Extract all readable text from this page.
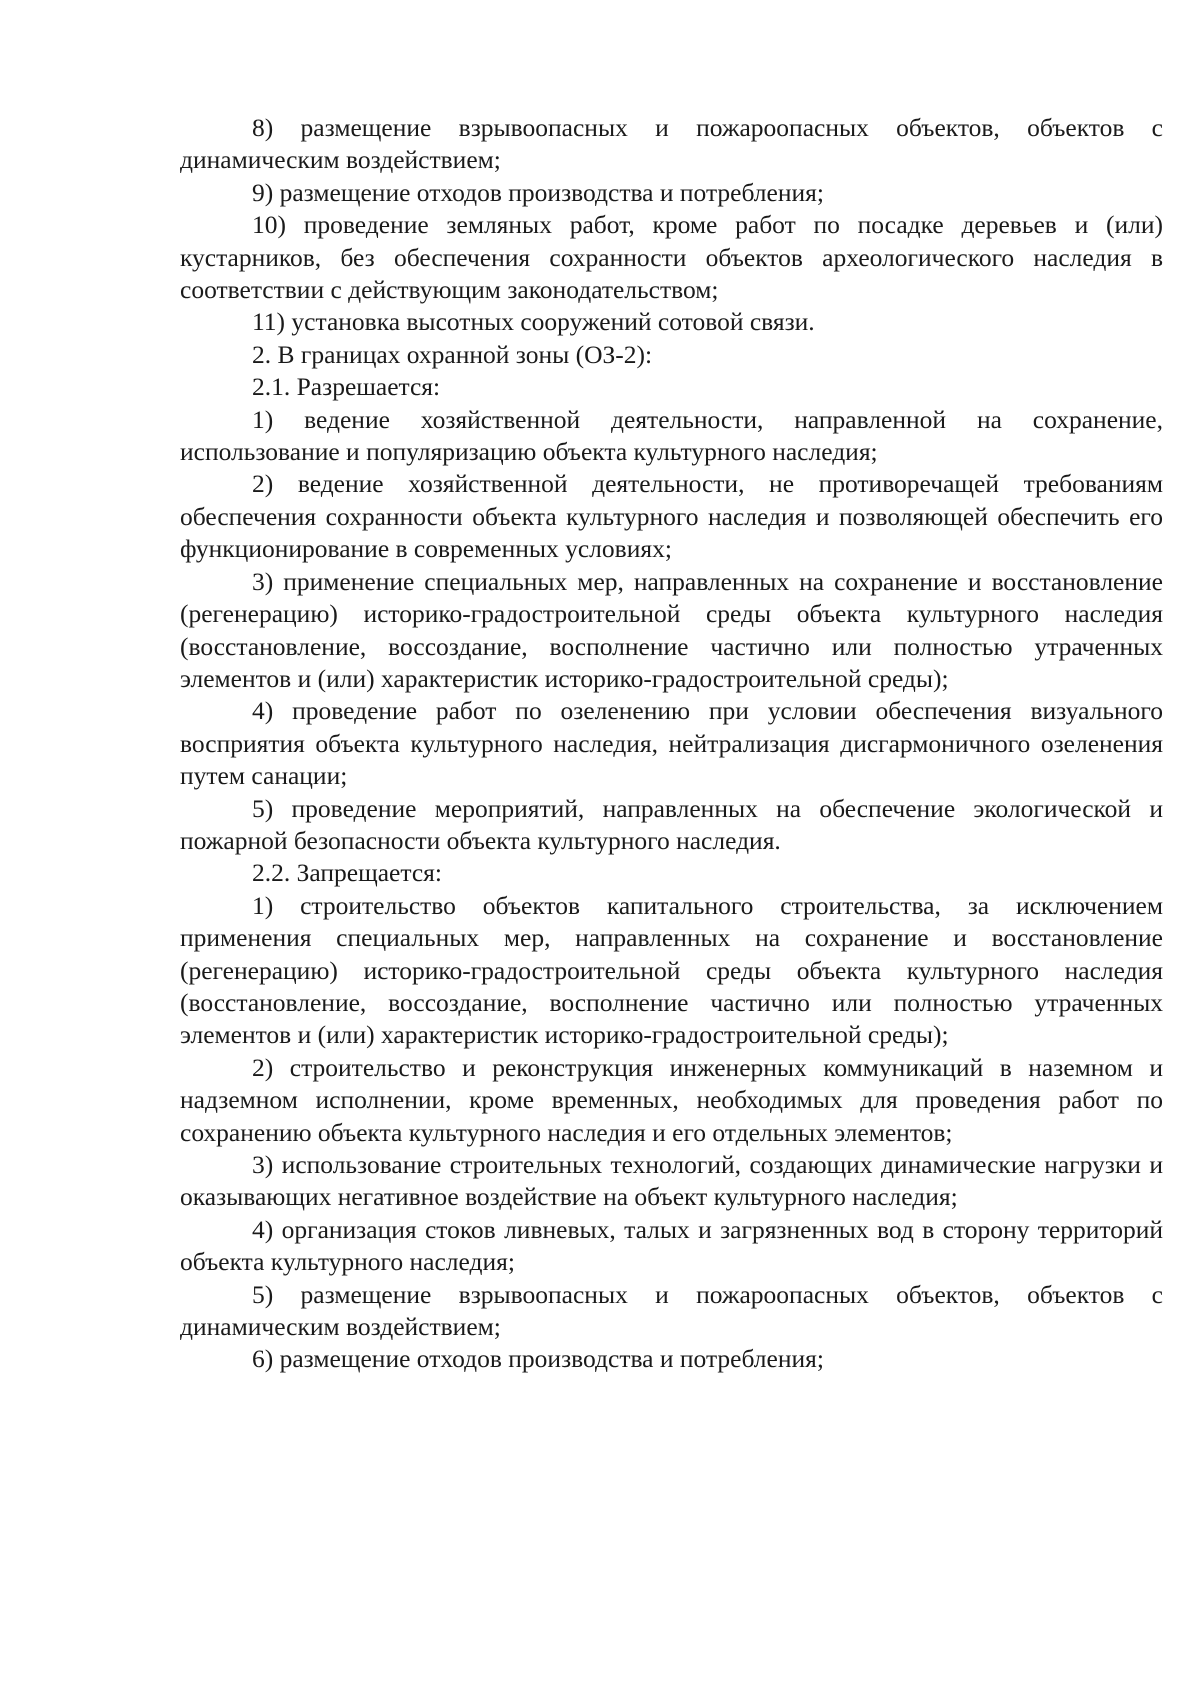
8) размещение взрывоопасных и пожароопасных объектов, объектов с динамическим воздействием;

9) размещение отходов производства и потребления;

10) проведение земляных работ, кроме работ по посадке деревьев и (или) кустарников, без обеспечения сохранности объектов археологического наследия в соответствии с действующим законодательством;

11) установка высотных сооружений сотовой связи.

2. В границах охранной зоны (ОЗ-2):

2.1. Разрешается:

1) ведение хозяйственной деятельности, направленной на сохранение, использование и популяризацию объекта культурного наследия;

2) ведение хозяйственной деятельности, не противоречащей требованиям обеспечения сохранности объекта культурного наследия и позволяющей обеспечить его функционирование в современных условиях;

3) применение специальных мер, направленных на сохранение и восстановление (регенерацию) историко-градостроительной среды объекта культурного наследия (восстановление, воссоздание, восполнение частично или полностью утраченных элементов и (или) характеристик историко-градостроительной среды);

4) проведение работ по озеленению при условии обеспечения визуального восприятия объекта культурного наследия, нейтрализация дисгармоничного озеленения путем санации;

5) проведение мероприятий, направленных на обеспечение экологической и пожарной безопасности объекта культурного наследия.

2.2. Запрещается:

1) строительство объектов капитального строительства, за исключением применения специальных мер, направленных на сохранение и восстановление (регенерацию) историко-градостроительной среды объекта культурного наследия (восстановление, воссоздание, восполнение частично или полностью утраченных элементов и (или) характеристик историко-градостроительной среды);

2) строительство и реконструкция инженерных коммуникаций в наземном и надземном исполнении, кроме временных, необходимых для проведения работ по сохранению объекта культурного наследия и его отдельных элементов;

3) использование строительных технологий, создающих динамические нагрузки и оказывающих негативное воздействие на объект культурного наследия;

4) организация стоков ливневых, талых и загрязненных вод в сторону территорий объекта культурного наследия;

5) размещение взрывоопасных и пожароопасных объектов, объектов с динамическим воздействием;

6) размещение отходов производства и потребления;
